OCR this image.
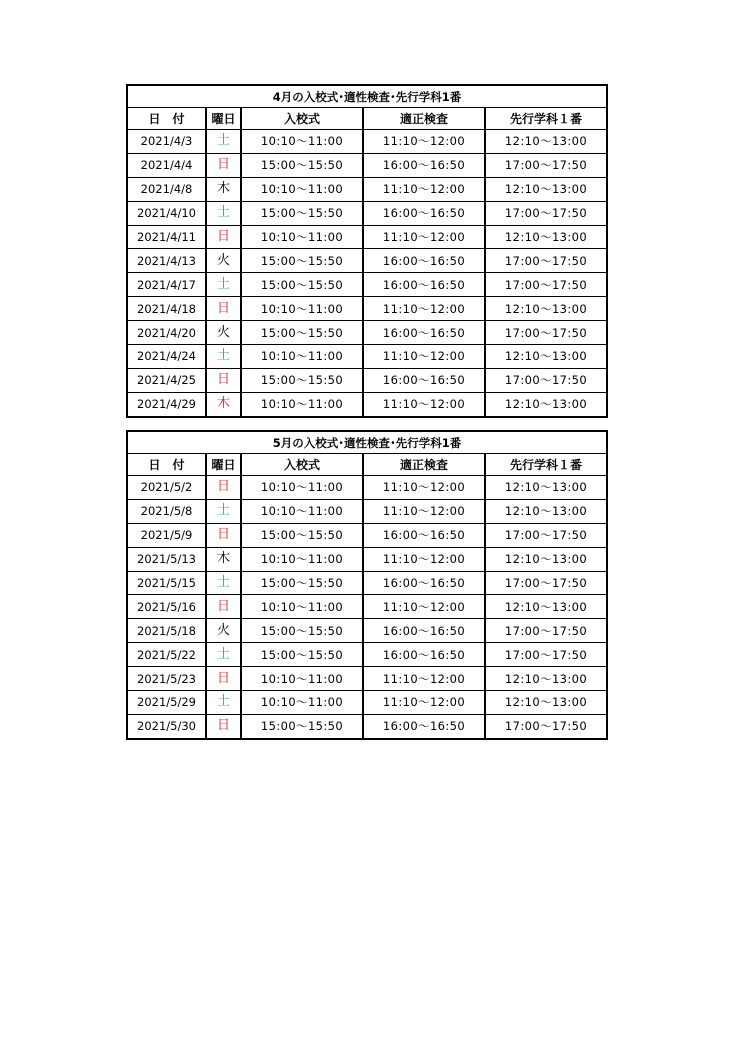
4月の入校式･適性検査･先行学科1番				
日　付	曜日	入校式	適正検査	先行学科１番
2021/4/3	土	10:10～11:00	11:10～12:00	12:10～13:00
2021/4/4	日	15:00～15:50	16:00～16:50	17:00～17:50
2021/4/8	木	10:10～11:00	11:10～12:00	12:10～13:00
2021/4/10	土	15:00～15:50	16:00～16:50	17:00～17:50
2021/4/11	日	10:10～11:00	11:10～12:00	12:10～13:00
2021/4/13	火	15:00～15:50	16:00～16:50	17:00～17:50
2021/4/17	土	15:00～15:50	16:00～16:50	17:00～17:50
2021/4/18	日	10:10～11:00	11:10～12:00	12:10～13:00
2021/4/20	火	15:00～15:50	16:00～16:50	17:00～17:50
2021/4/24	土	10:10～11:00	11:10～12:00	12:10～13:00
2021/4/25	日	15:00～15:50	16:00～16:50	17:00～17:50
2021/4/29	木	10:10～11:00	11:10～12:00	12:10～13:00
5月の入校式･適性検査･先行学科1番				
日　付	曜日	入校式	適正検査	先行学科１番
2021/5/2	日	10:10～11:00	11:10～12:00	12:10～13:00
2021/5/8	土	10:10～11:00	11:10～12:00	12:10～13:00
2021/5/9	日	15:00～15:50	16:00～16:50	17:00～17:50
2021/5/13	木	10:10～11:00	11:10～12:00	12:10～13:00
2021/5/15	土	15:00～15:50	16:00～16:50	17:00～17:50
2021/5/16	日	10:10～11:00	11:10～12:00	12:10～13:00
2021/5/18	火	15:00～15:50	16:00～16:50	17:00～17:50
2021/5/22	土	15:00～15:50	16:00～16:50	17:00～17:50
2021/5/23	日	10:10～11:00	11:10～12:00	12:10～13:00
2021/5/29	土	10:10～11:00	11:10～12:00	12:10～13:00
2021/5/30	日	15:00～15:50	16:00～16:50	17:00～17:50
